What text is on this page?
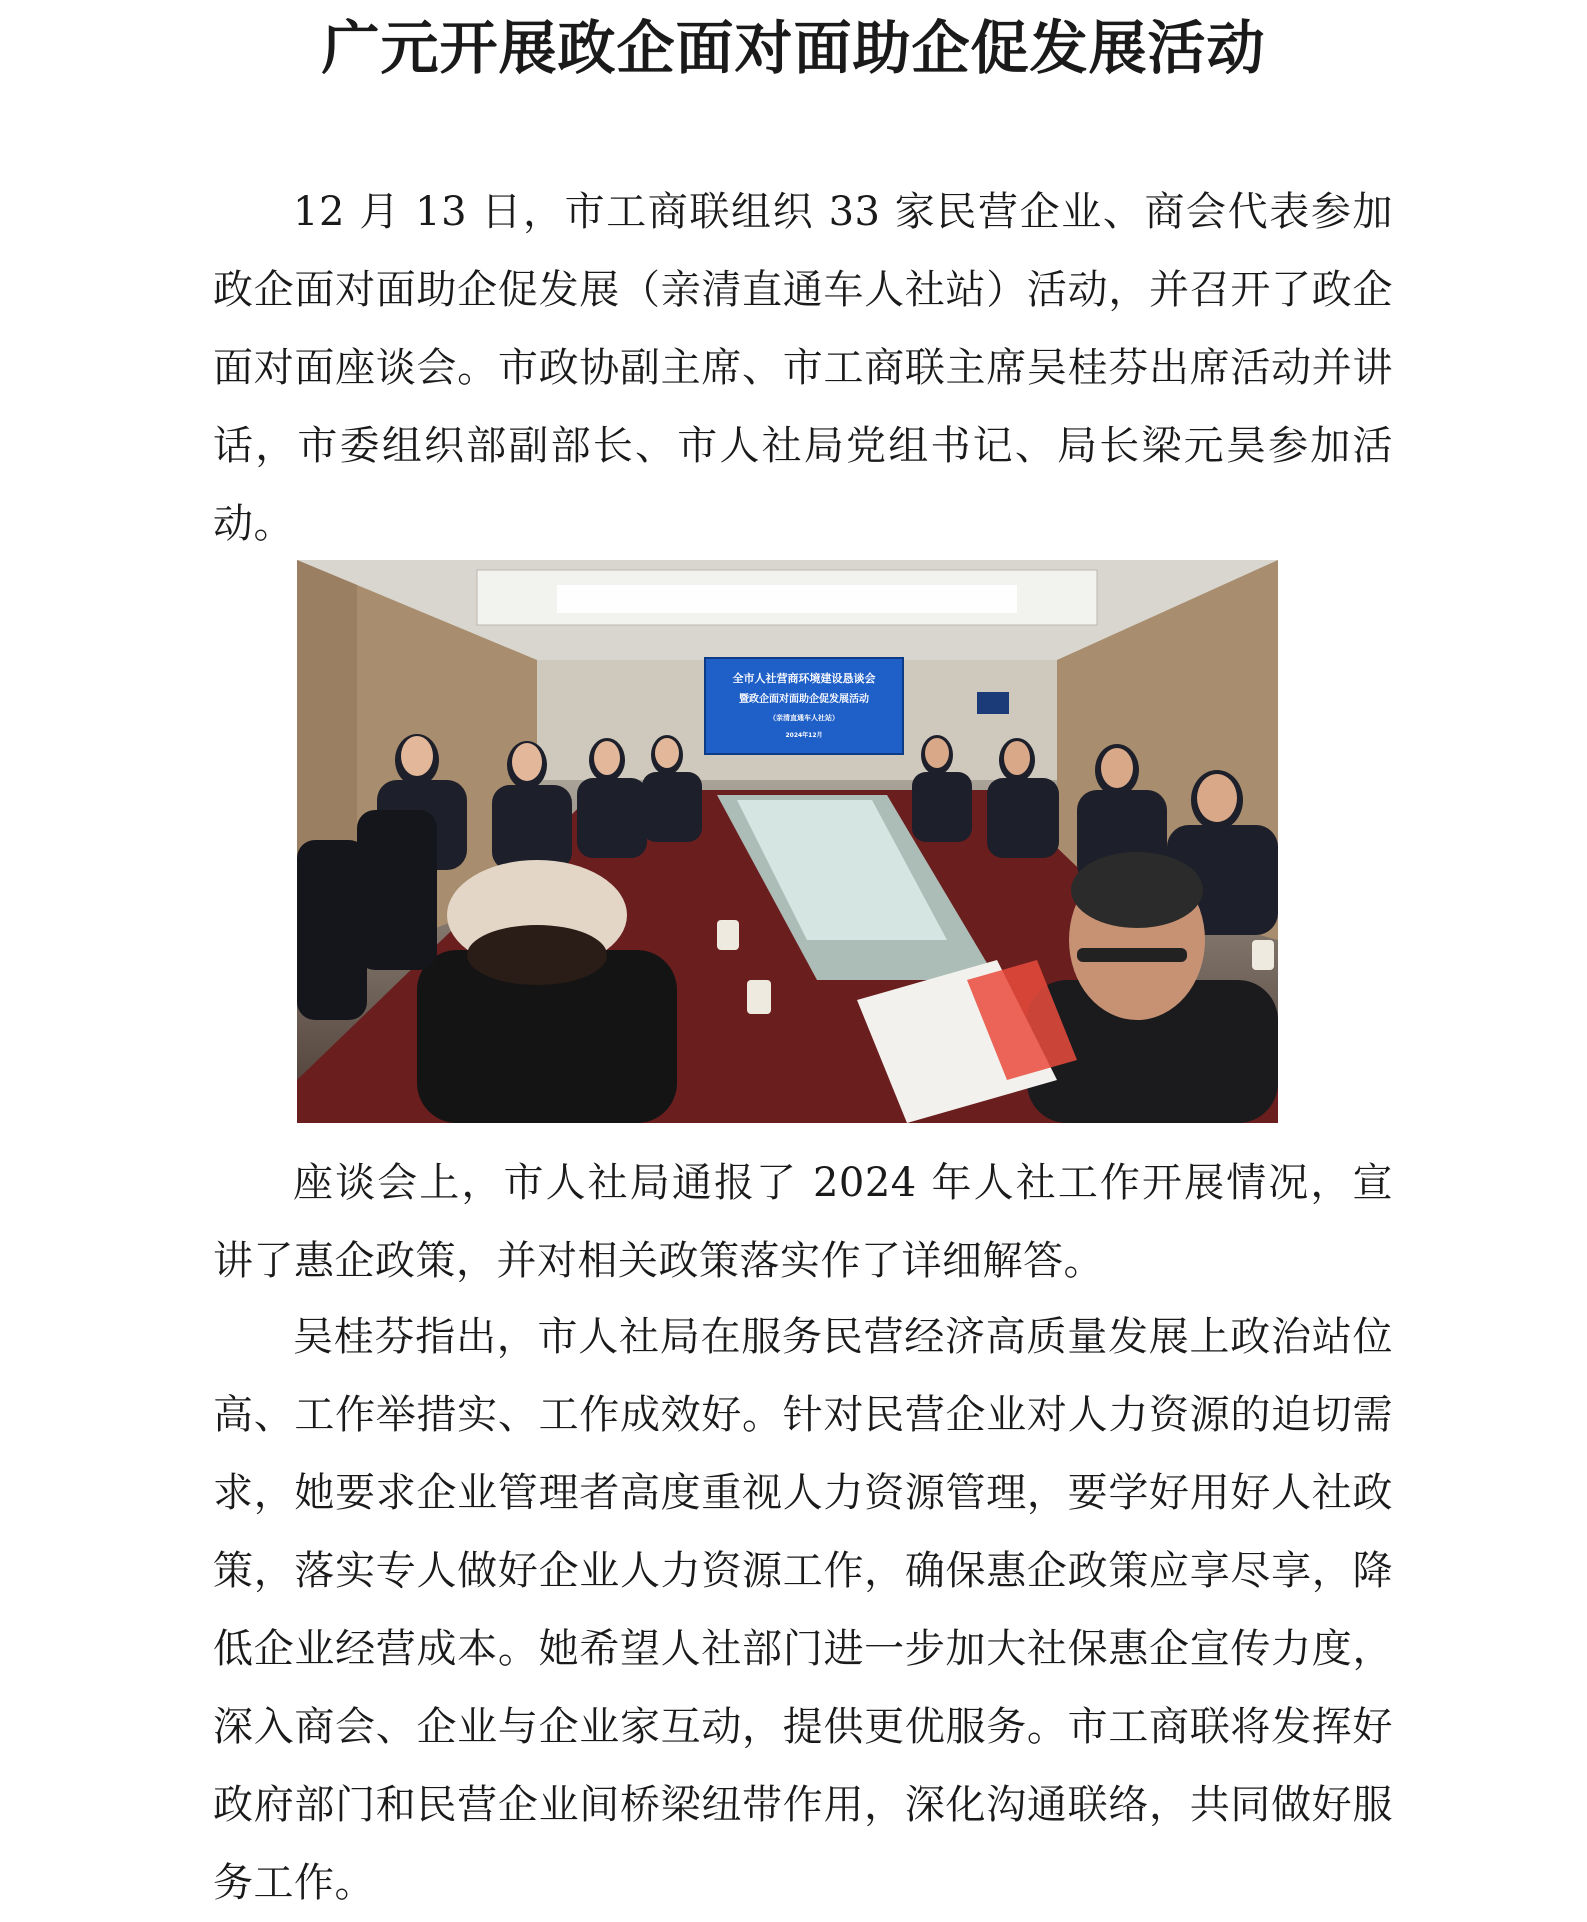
广元开展政企面对面助企促发展活动

12 月 13 日，市工商联组织 33 家民营企业、商会代表参加政企面对面助企促发展（亲清直通车人社站）活动，并召开了政企面对面座谈会。市政协副主席、市工商联主席吴桂芬出席活动并讲话，市委组织部副部长、市人社局党组书记、局长梁元昊参加活动。

全市人社营商环境建设恳谈会
暨政企面对面助企促发展活动
（亲清直通车人社站）
2024年12月

座谈会上，市人社局通报了 2024 年人社工作开展情况，宣讲了惠企政策，并对相关政策落实作了详细解答。

吴桂芬指出，市人社局在服务民营经济高质量发展上政治站位高、工作举措实、工作成效好。针对民营企业对人力资源的迫切需求，她要求企业管理者高度重视人力资源管理，要学好用好人社政策，落实专人做好企业人力资源工作，确保惠企政策应享尽享，降低企业经营成本。她希望人社部门进一步加大社保惠企宣传力度，深入商会、企业与企业家互动，提供更优服务。市工商联将发挥好政府部门和民营企业间桥梁纽带作用，深化沟通联络，共同做好服务工作。
